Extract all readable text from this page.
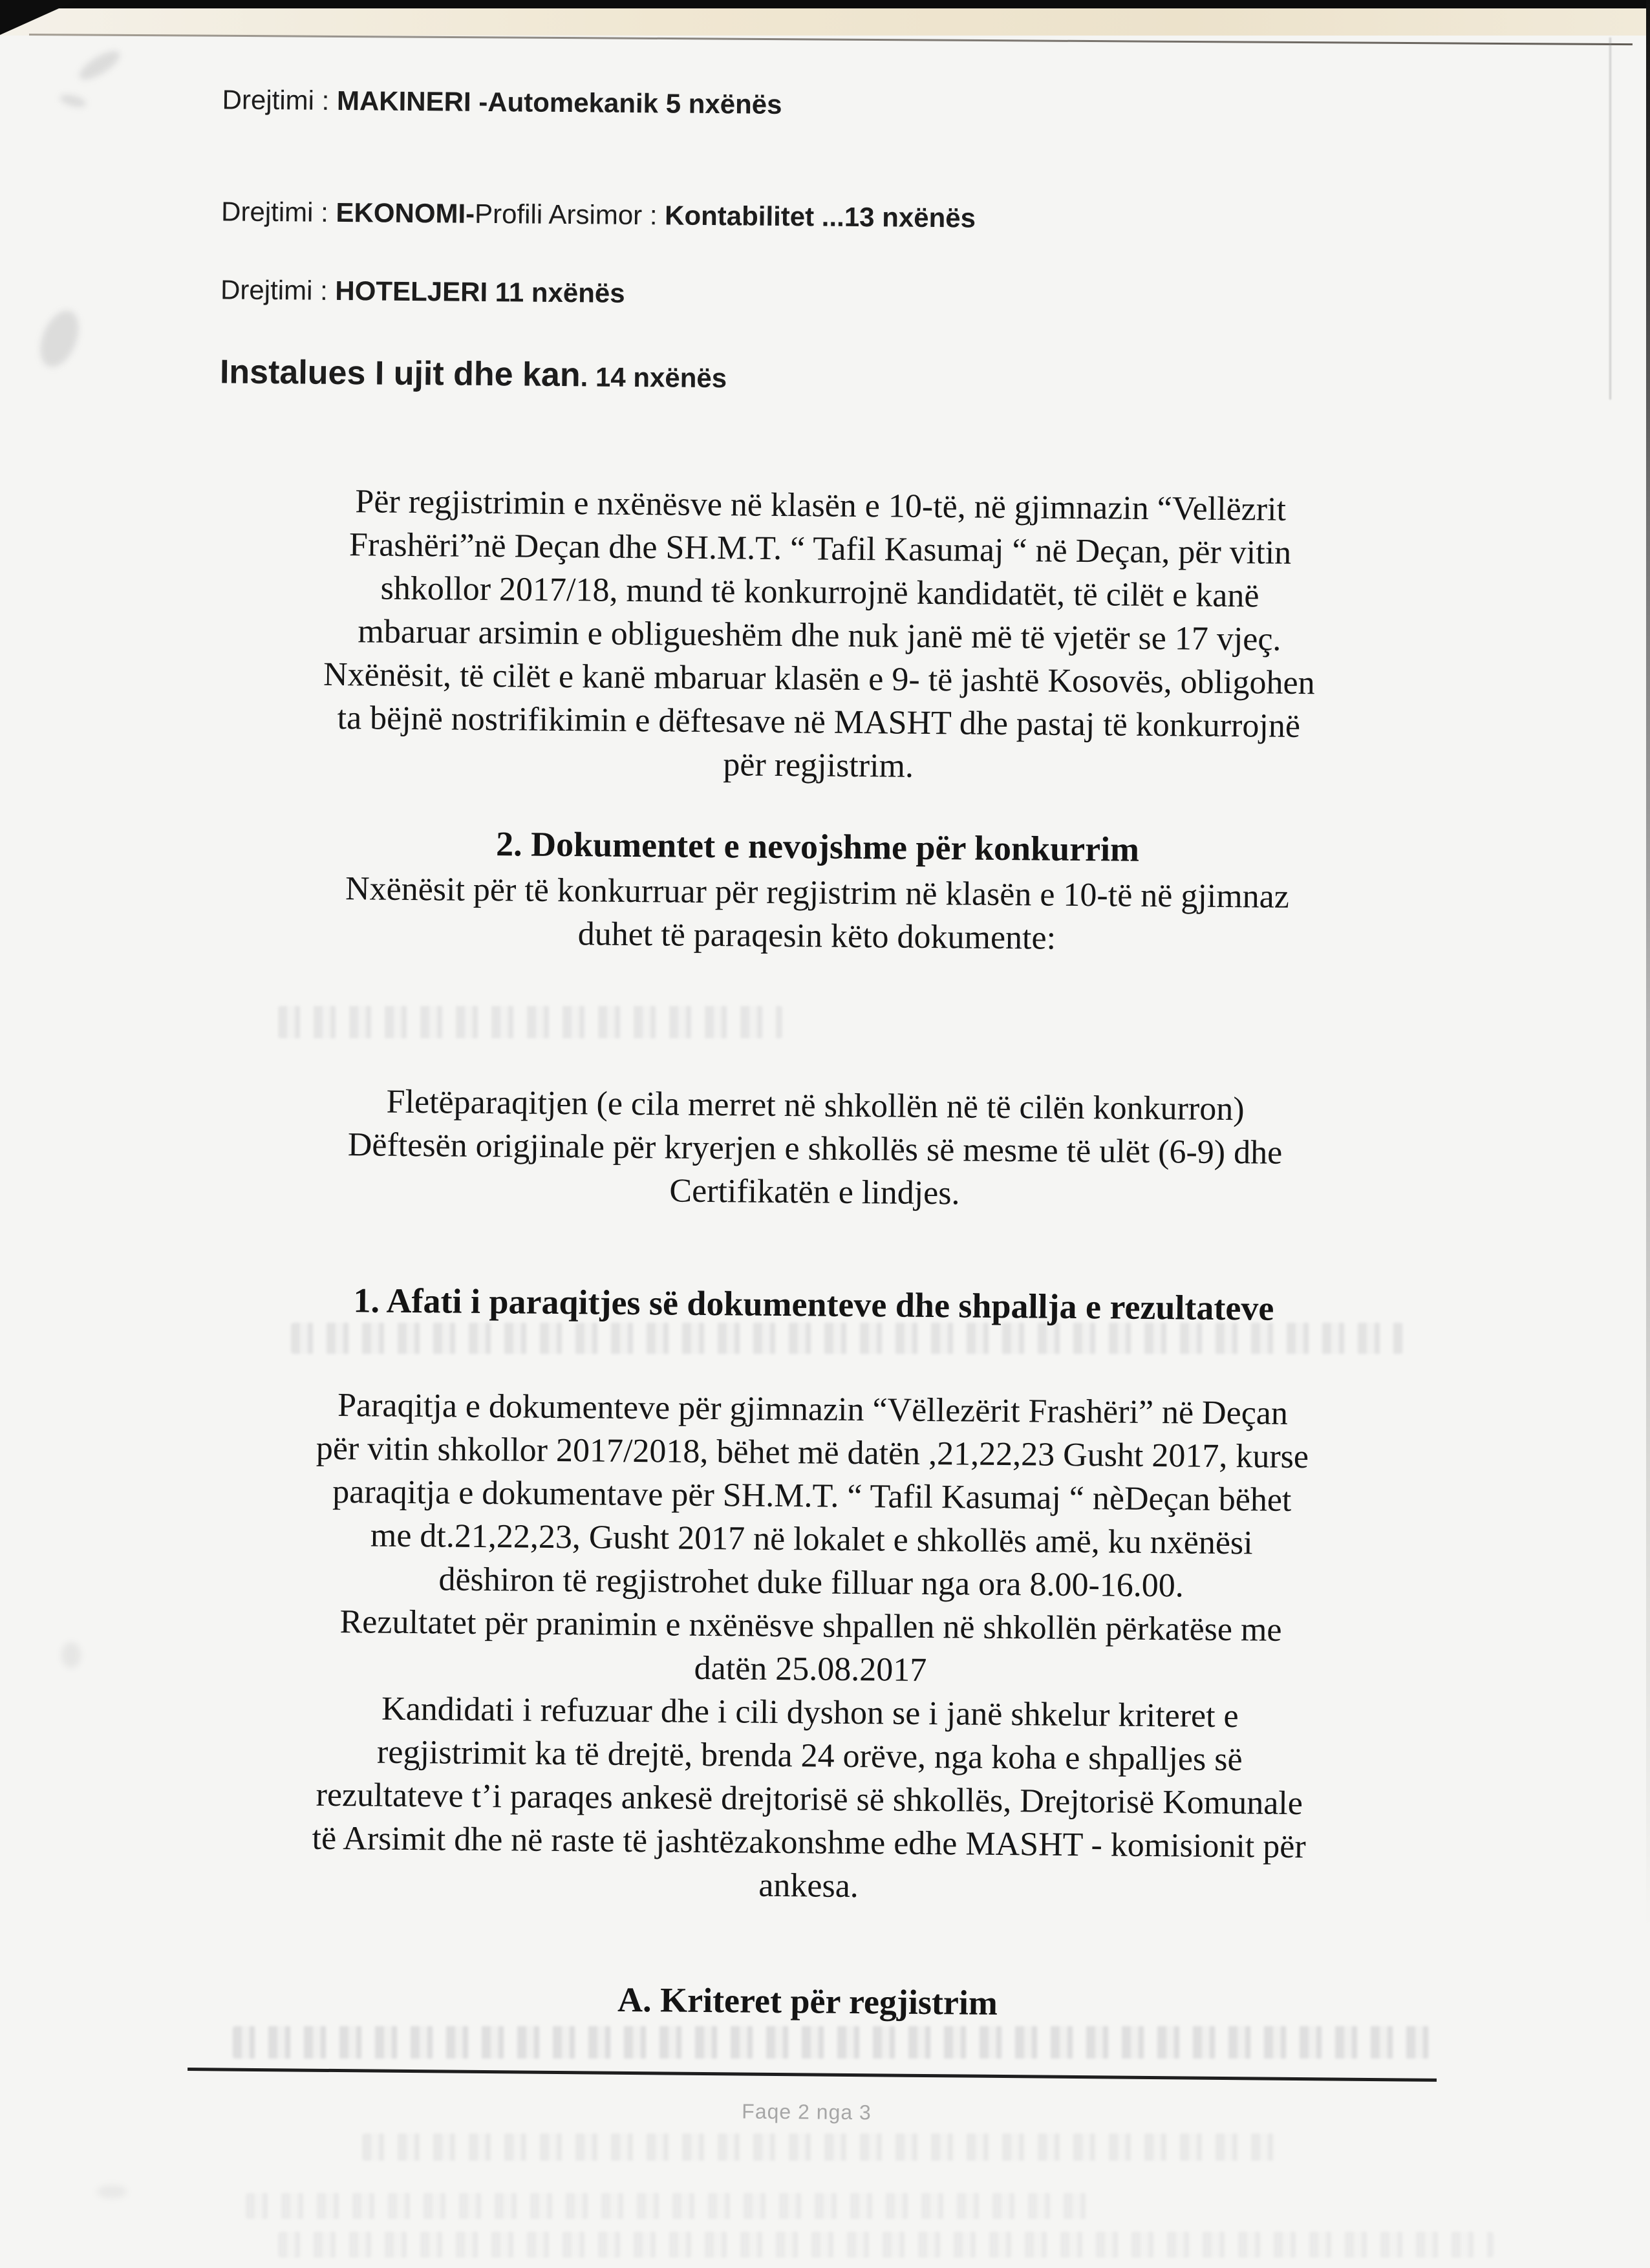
Drejtimi : MAKINERI -Automekanik 5 nxënës
Drejtimi : EKONOMI-Profili Arsimor : Kontabilitet ...13 nxënës
Drejtimi : HOTELJERI 11 nxënës
Instalues I ujit dhe kan. 14 nxënës
Për regjistrimin e nxënësve në klasën e 10-të, në gjimnazin “Vellëzrit
Frashëri”në Deçan dhe SH.M.T. “ Tafil Kasumaj “ në Deçan, për vitin
shkollor 2017/18, mund të konkurrojnë kandidatët, të cilët e kanë
mbaruar arsimin e obligueshëm dhe nuk janë më të vjetër se 17 vjeç.
Nxënësit, të cilët e kanë mbaruar klasën e 9- të jashtë Kosovës, obligohen
ta bëjnë nostrifikimin e dëftesave në MASHT dhe pastaj të konkurrojnë
për regjistrim.
2. Dokumentet e nevojshme për konkurrim
Nxënësit për të konkurruar për regjistrim në klasën e 10-të në gjimnaz
duhet të paraqesin këto dokumente:
Fletëparaqitjen (e cila merret në shkollën në të cilën konkurron)
Dëftesën origjinale për kryerjen e shkollës së mesme të ulët (6-9) dhe
Certifikatën e lindjes.
1. Afati i paraqitjes së dokumenteve dhe shpallja e rezultateve
Paraqitja e dokumenteve për gjimnazin “Vëllezërit Frashëri” në Deçan
për vitin shkollor 2017/2018, bëhet më datën ,21,22,23 Gusht 2017, kurse
paraqitja e dokumentave për SH.M.T. “ Tafil Kasumaj “ nèDeçan bëhet
me dt.21,22,23, Gusht 2017 në lokalet e shkollës amë, ku nxënësi
dëshiron të regjistrohet duke filluar nga ora 8.00-16.00.
Rezultatet për pranimin e nxënësve shpallen në shkollën përkatëse me
datën 25.08.2017
Kandidati i refuzuar dhe i cili dyshon se i janë shkelur kriteret e
regjistrimit ka të drejtë, brenda 24 orëve, nga koha e shpalljes së
rezultateve t’i paraqes ankesë drejtorisë së shkollës, Drejtorisë Komunale
të Arsimit dhe në raste të jashtëzakonshme edhe MASHT - komisionit për
ankesa.
A. Kriteret për regjistrim
Faqe 2 nga 3
